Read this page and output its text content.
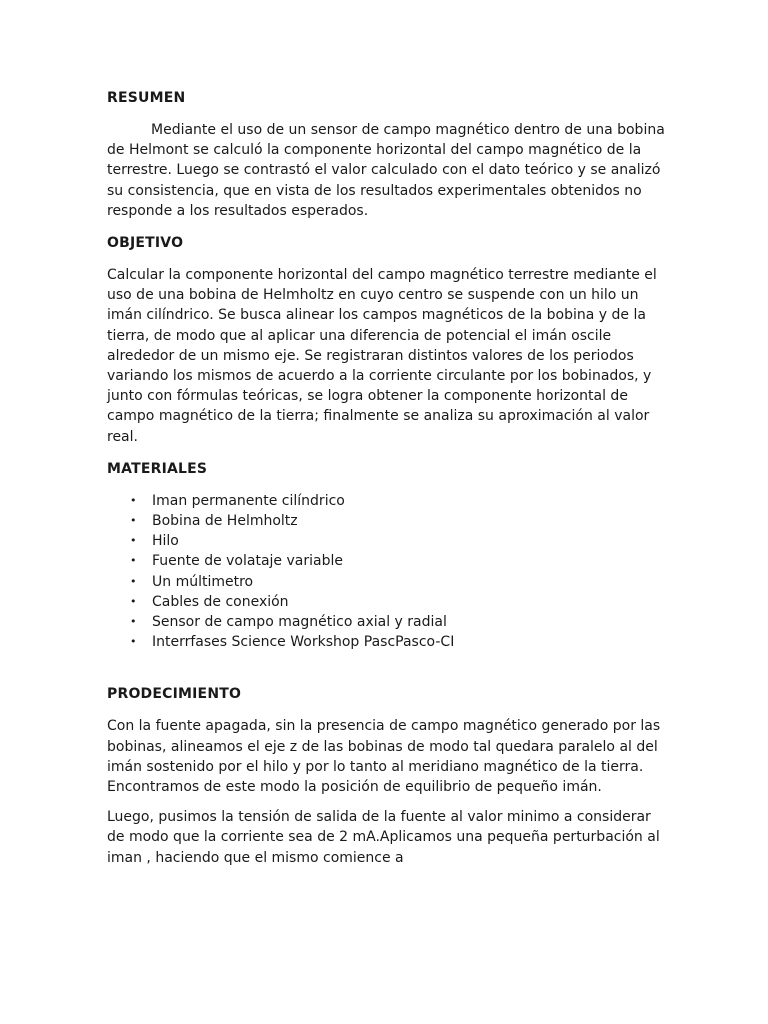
RESUMEN

Mediante el uso de un sensor de campo magnético dentro de una bobina de Helmont se calculó la componente horizontal del campo magnético de la terrestre. Luego se contrastó el valor calculado con el dato teórico y se analizó su consistencia, que en vista de los resultados experimentales obtenidos no responde a los resultados esperados.

OBJETIVO

Calcular la componente horizontal del campo magnético terrestre mediante el uso de una bobina de Helmholtz en cuyo centro se suspende con un hilo un imán cilíndrico. Se busca alinear los campos magnéticos de la bobina y de la tierra, de modo que al aplicar una diferencia de potencial el imán oscile alrededor de un mismo eje. Se registraran distintos valores de los periodos variando los mismos de acuerdo a la corriente circulante por los bobinados, y junto con fórmulas teóricas, se logra obtener la componente horizontal de campo magnético de la tierra; finalmente se analiza su aproximación al valor real.

MATERIALES
• Iman permanente cilíndrico
• Bobina de Helmholtz
• Hilo
• Fuente de volataje variable
• Un múltimetro
• Cables de conexión
• Sensor de campo magnético axial y radial
• Interrfases Science Workshop PascPasco-CI
PRODECIMIENTO

Con la fuente apagada, sin la presencia de campo magnético generado por las bobinas, alineamos el eje z de las bobinas de modo tal quedara paralelo al del imán sostenido por el hilo y por lo tanto al meridiano magnético de la tierra. Encontramos de este modo la posición de equilibrio de pequeño imán.

Luego, pusimos la tensión de salida de la fuente al valor minimo a considerar de modo que la corriente sea de 2 mA.Aplicamos una pequeña perturbación al iman , haciendo que el mismo comience a
